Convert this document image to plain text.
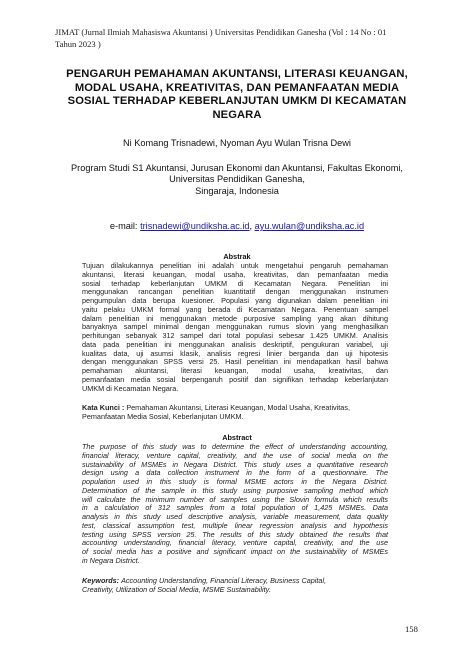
JIMAT (Jurnal Ilmiah Mahasiswa Akuntansi ) Universitas Pendidikan Ganesha (Vol : 14 No : 01
Tahun 2023 )
PENGARUH PEMAHAMAN AKUNTANSI, LITERASI KEUANGAN,
MODAL USAHA, KREATIVITAS, DAN PEMANFAATAN MEDIA
SOSIAL TERHADAP KEBERLANJUTAN UMKM DI KECAMATAN
NEGARA
Ni Komang Trisnadewi, Nyoman Ayu Wulan Trisna Dewi
Program Studi S1 Akuntansi, Jurusan Ekonomi dan Akuntansi, Fakultas Ekonomi,
Universitas Pendidikan Ganesha,
Singaraja, Indonesia
e-mail: trisnadewi@undiksha.ac.id, ayu.wulan@undiksha.ac.id
Abstrak
Tujuan dilakukannya penelitian ini adalah untuk mengetahui pengaruh pemahaman
akuntansi, literasi keuangan, modal usaha, kreativitas, dan pemanfaatan media
sosial terhadap keberlanjutan UMKM di Kecamatan Negara. Penelitian ini
menggunakan rancangan penelitian kuantitatif dengan menggunakan instrumen
pengumpulan data berupa kuesioner. Populasi yang digunakan dalam penelitian ini
yaitu pelaku UMKM formal yang berada di Kecamatan Negara. Penentuan sampel
dalam penelitian ini menggunakan metode purposive sampling yang akan dihitung
banyaknya sampel minimal dengan menggunakan rumus slovin yang menghasilkan
perhitungan sebanyak 312 sampel dari total populasi sebesar 1.425 UMKM. Analisis
data pada penelitian ini menggunakan analisis deskriptif, pengukuran variabel, uji
kualitas data, uji asumsi klasik, analisis regresi linier berganda dan uji hipotesis
dengan menggunakan SPSS versi 25. Hasil penelitian ini mendapatkan hasil bahwa
pemahaman akuntansi, literasi keuangan, modal usaha, kreativitas, dan
pemanfaatan media sosial berpengaruh positif dan signifikan terhadap keberlanjutan
UMKM di Kecamatan Negara.
Kata Kunci : Pemahaman Akuntansi, Literasi Keuangan, Modal Usaha, Kreativitas,
Pemanfaatan Media Sosial, Keberlanjutan UMKM.
Abstract
The purpose of this study was to determine the effect of understanding accounting,
financial literacy, venture capital, creativity, and the use of social media on the
sustainability of MSMEs in Negara District. This study uses a quantitative research
design using a data collection instrument in the form of a questionnaire. The
population used in this study is formal MSME actors in the Negara District.
Determination of the sample in this study using purposive sampling method which
will calculate the minimum number of samples using the Slovin formula which results
in a calculation of 312 samples from a total population of 1,425 MSMEs. Data
analysis in this study used descriptive analysis, variable measurement, data quality
test, classical assumption test, multiple linear regression analysis and hypothesis
testing using SPSS version 25. The results of this study obtained the results that
accounting understanding, financial literacy, venture capital, creativity, and the use
of social media has a positive and significant impact on the sustainability of MSMEs
in Negara District.
Keywords: Accounting Understanding, Financial Literacy, Business Capital,
Creativity, Utilization of Social Media, MSME Sustainability.
158
